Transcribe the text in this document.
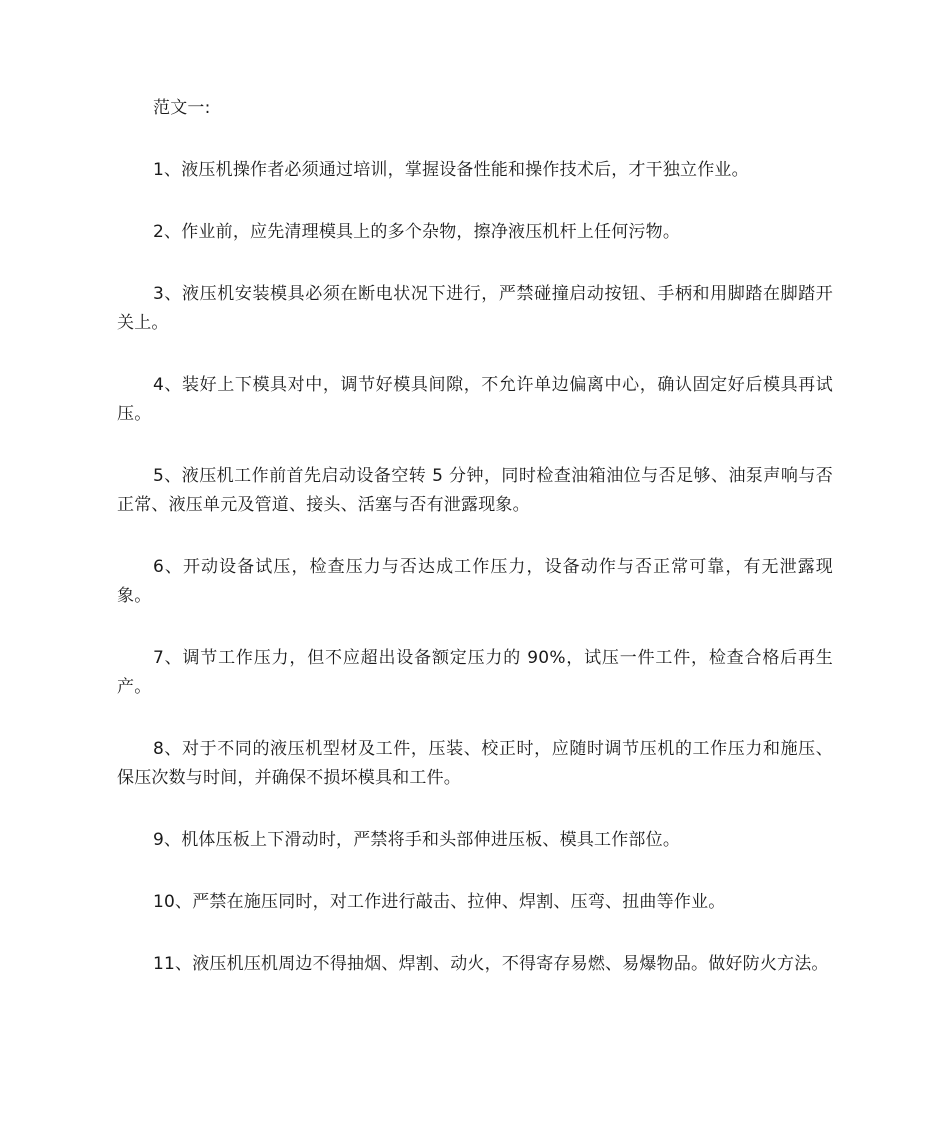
范文一:

1、液压机操作者必须通过培训，掌握设备性能和操作技术后，才干独立作业。

2、作业前，应先清理模具上的多个杂物，擦净液压机杆上任何污物。

3、液压机安装模具必须在断电状况下进行，严禁碰撞启动按钮、手柄和用脚踏在脚踏开关上。

4、装好上下模具对中，调节好模具间隙，不允许单边偏离中心，确认固定好后模具再试压。

5、液压机工作前首先启动设备空转 5 分钟，同时检查油箱油位与否足够、油泵声响与否正常、液压单元及管道、接头、活塞与否有泄露现象。

6、开动设备试压，检查压力与否达成工作压力，设备动作与否正常可靠，有无泄露现象。

7、调节工作压力，但不应超出设备额定压力的 90%，试压一件工件，检查合格后再生产。

8、对于不同的液压机型材及工件，压装、校正时，应随时调节压机的工作压力和施压、保压次数与时间，并确保不损坏模具和工件。

9、机体压板上下滑动时，严禁将手和头部伸进压板、模具工作部位。

10、严禁在施压同时，对工作进行敲击、拉伸、焊割、压弯、扭曲等作业。

11、液压机压机周边不得抽烟、焊割、动火，不得寄存易燃、易爆物品。做好防火方法。
